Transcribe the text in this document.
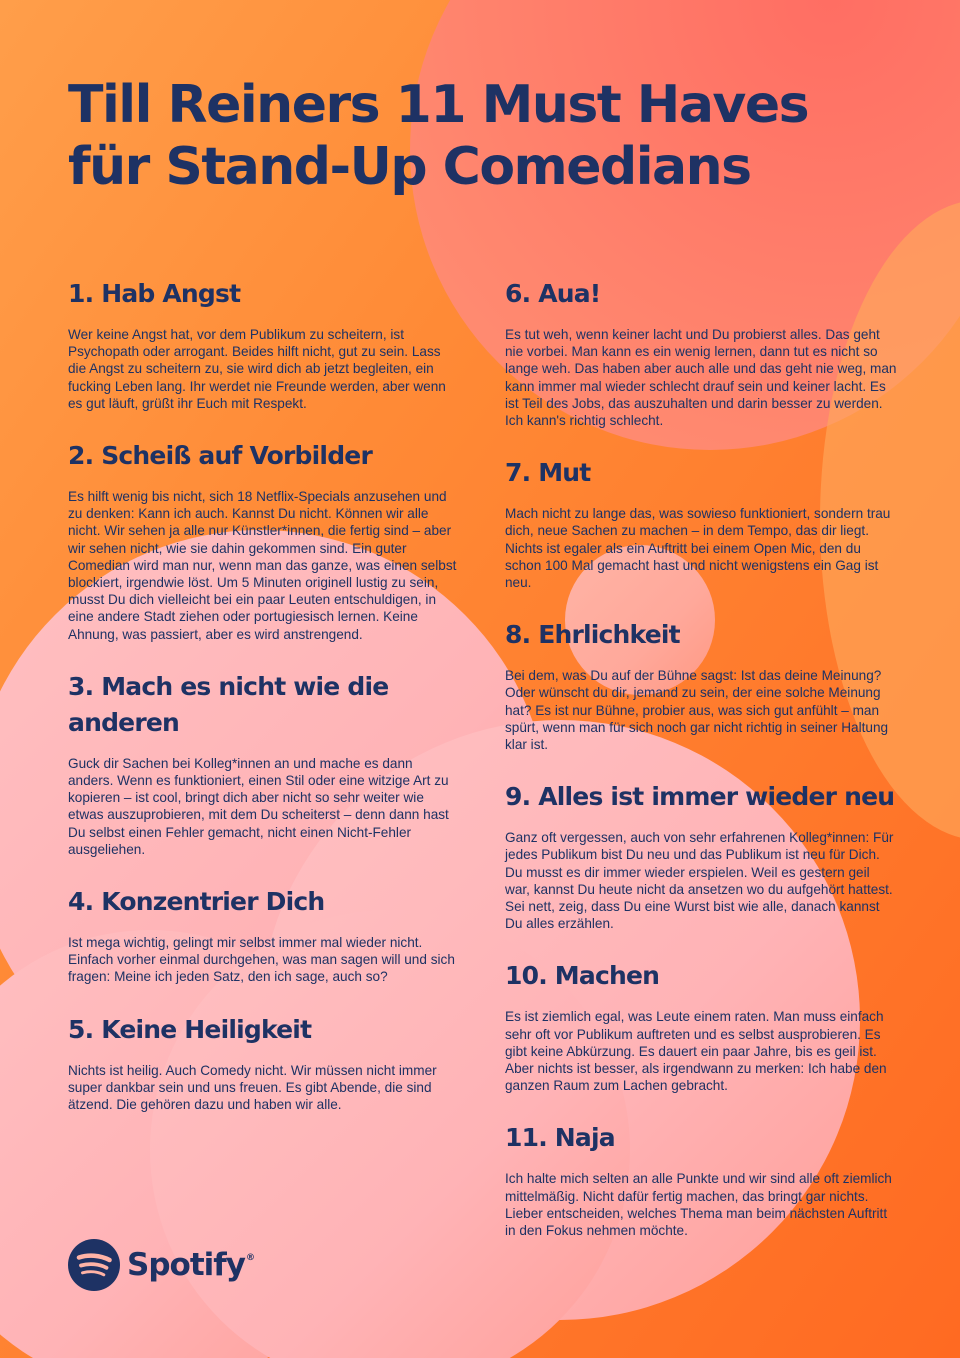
Till Reiners 11 Must Haves
für Stand-Up Comedians
1. Hab Angst

Wer keine Angst hat, vor dem Publikum zu scheitern, ist Psychopath oder arrogant. Beides hilft nicht, gut zu sein. Lass die Angst zu scheitern zu, sie wird dich ab jetzt begleiten, ein fucking Leben lang. Ihr werdet nie Freunde werden, aber wenn es gut läuft, grüßt ihr Euch mit Respekt.

2. Scheiß auf Vorbilder

Es hilft wenig bis nicht, sich 18 Netflix-Specials anzusehen und zu denken: Kann ich auch. Kannst Du nicht. Können wir alle nicht. Wir sehen ja alle nur Künstler*innen, die fertig sind – aber wir sehen nicht, wie sie dahin gekommen sind. Ein guter Comedian wird man nur, wenn man das ganze, was einen selbst blockiert, irgendwie löst. Um 5 Minuten originell lustig zu sein, musst Du dich vielleicht bei ein paar Leuten entschuldigen, in eine andere Stadt ziehen oder portugiesisch lernen. Keine Ahnung, was passiert, aber es wird anstrengend.

3. Mach es nicht wie die anderen

Guck dir Sachen bei Kolleg*innen an und mache es dann anders. Wenn es funktioniert, einen Stil oder eine witzige Art zu kopieren – ist cool, bringt dich aber nicht so sehr weiter wie etwas auszuprobieren, mit dem Du scheiterst – denn dann hast Du selbst einen Fehler gemacht, nicht einen Nicht-Fehler ausgeliehen.

4. Konzentrier Dich

Ist mega wichtig, gelingt mir selbst immer mal wieder nicht. Einfach vorher einmal durchgehen, was man sagen will und sich fragen: Meine ich jeden Satz, den ich sage, auch so?

5. Keine Heiligkeit

Nichts ist heilig. Auch Comedy nicht. Wir müssen nicht immer super dankbar sein und uns freuen. Es gibt Abende, die sind ätzend. Die gehören dazu und haben wir alle.

6. Aua!

Es tut weh, wenn keiner lacht und Du probierst alles. Das geht nie vorbei. Man kann es ein wenig lernen, dann tut es nicht so lange weh. Das haben aber auch alle und das geht nie weg, man kann immer mal wieder schlecht drauf sein und keiner lacht. Es ist Teil des Jobs, das auszuhalten und darin besser zu werden. Ich kann's richtig schlecht.

7. Mut

Mach nicht zu lange das, was sowieso funktioniert, sondern trau dich, neue Sachen zu machen – in dem Tempo, das dir liegt. Nichts ist egaler als ein Auftritt bei einem Open Mic, den du schon 100 Mal gemacht hast und nicht wenigstens ein Gag ist neu.

8. Ehrlichkeit

Bei dem, was Du auf der Bühne sagst: Ist das deine Meinung? Oder wünscht du dir, jemand zu sein, der eine solche Meinung hat? Es ist nur Bühne, probier aus, was sich gut anfühlt – man spürt, wenn man für sich noch gar nicht richtig in seiner Haltung klar ist.

9. Alles ist immer wieder neu

Ganz oft vergessen, auch von sehr erfahrenen Kolleg*innen: Für jedes Publikum bist Du neu und das Publikum ist neu für Dich. Du musst es dir immer wieder erspielen. Weil es gestern geil war, kannst Du heute nicht da ansetzen wo du aufgehört hattest. Sei nett, zeig, dass Du eine Wurst bist wie alle, danach kannst Du alles erzählen.

10. Machen

Es ist ziemlich egal, was Leute einem raten. Man muss einfach sehr oft vor Publikum auftreten und es selbst ausprobieren. Es gibt keine Abkürzung. Es dauert ein paar Jahre, bis es geil ist. Aber nichts ist besser, als irgendwann zu merken: Ich habe den ganzen Raum zum Lachen gebracht.

11. Naja

Ich halte mich selten an alle Punkte und wir sind alle oft ziemlich mittelmäßig. Nicht dafür fertig machen, das bringt gar nichts. Lieber entscheiden, welches Thema man beim nächsten Auftritt in den Fokus nehmen möchte.

Spotify®
